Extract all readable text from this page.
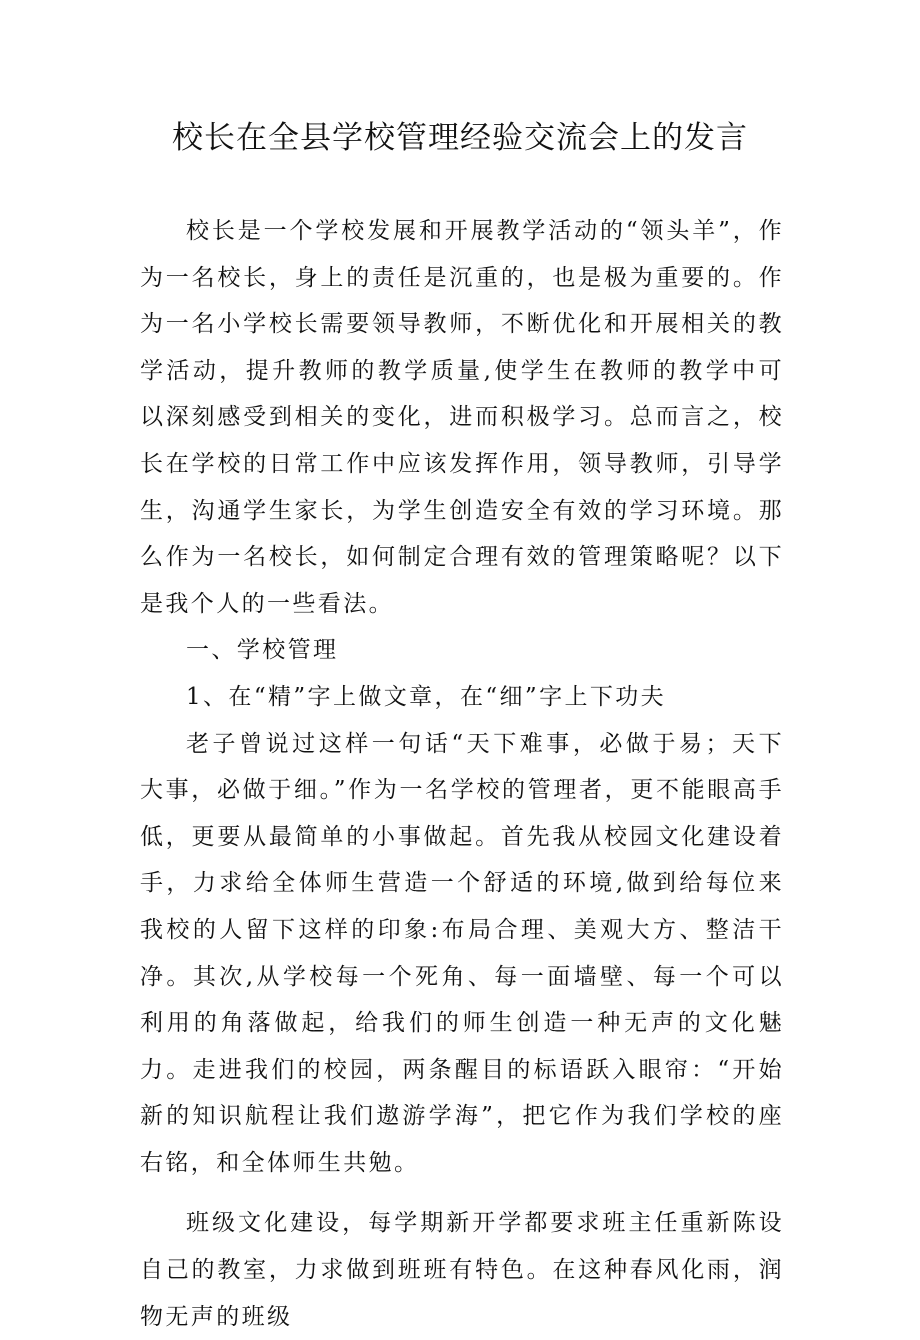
校长在全县学校管理经验交流会上的发言

校长是一个学校发展和开展教学活动的“领头羊”，作为一名校长，身上的责任是沉重的，也是极为重要的。作为一名小学校长需要领导教师，不断优化和开展相关的教学活动，提升教师的教学质量,使学生在教师的教学中可以深刻感受到相关的变化，进而积极学习。总而言之，校长在学校的日常工作中应该发挥作用，领导教师，引导学生，沟通学生家长，为学生创造安全有效的学习环境。那么作为一名校长，如何制定合理有效的管理策略呢？以下是我个人的一些看法。

一、学校管理

1、在“精”字上做文章，在“细”字上下功夫

老子曾说过这样一句话“天下难事，必做于易；天下大事，必做于细。”作为一名学校的管理者，更不能眼高手低，更要从最简单的小事做起。首先我从校园文化建设着手，力求给全体师生营造一个舒适的环境,做到给每位来我校的人留下这样的印象:布局合理、美观大方、整洁干净。其次,从学校每一个死角、每一面墙壁、每一个可以利用的角落做起，给我们的师生创造一种无声的文化魅力。走进我们的校园，两条醒目的标语跃入眼帘：“开始新的知识航程让我们遨游学海”，把它作为我们学校的座右铭，和全体师生共勉。

班级文化建设，每学期新开学都要求班主任重新陈设自己的教室，力求做到班班有特色。在这种春风化雨，润物无声的班级
